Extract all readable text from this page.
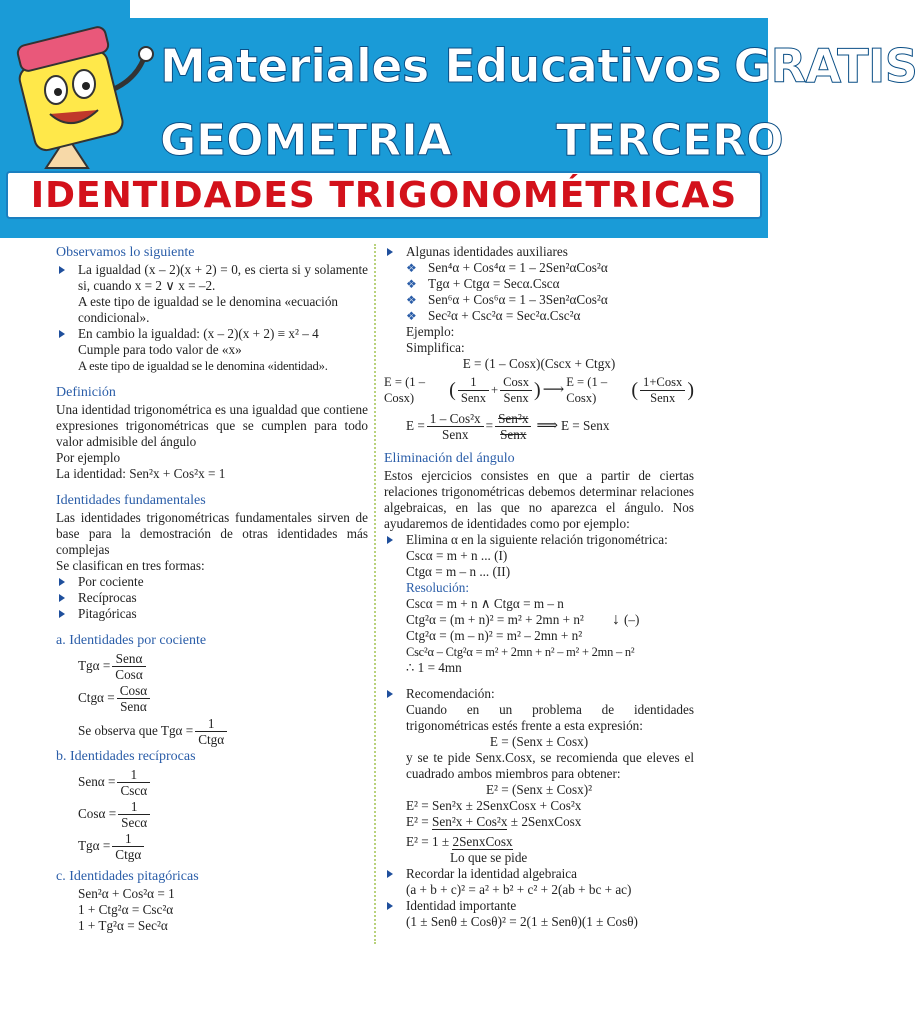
Materiales Educativos GRATIS
GEOMETRIA TERCERO
IDENTIDADES TRIGONOMÉTRICAS
Observamos lo siguiente
La igualdad (x – 2)(x + 2) = 0, es cierta si y solamente si, cuando x = 2 ∨ x = –2.
A este tipo de igualdad se le denomina «ecuación condicional».
En cambio la igualdad: (x – 2)(x + 2) ≡ x² – 4
Cumple para todo valor de «x»
A este tipo de igualdad se le denomina «identidad».
Definición
Una identidad trigonométrica es una igualdad que contiene expresiones trigonométricas que se cumplen para todo valor admisible del ángulo
Por ejemplo
La identidad: Sen²x + Cos²x = 1
Identidades fundamentales
Las identidades trigonométricas fundamentales sirven de base para la demostración de otras identidades más complejas
Se clasifican en tres formas:
Por cociente
Recíprocas
Pitagóricas
a. Identidades por cociente
$Tg\alpha = \frac{\text{Senα}}{\text{Cosα}}$
$Ctg\alpha = \frac{\text{Cosα}}{\text{Senα}}$
Se observa que $Tg\alpha = \frac{1}{\text{Ctgα}}$
b. Identidades recíprocas
$Sen\alpha = \frac{1}{\text{Cscα}}$
$Cos\alpha = \frac{1}{\text{Secα}}$
$Tg\alpha = \frac{1}{\text{Ctgα}}$
c. Identidades pitagóricas
Sen²α + Cos²α = 1
1 + Ctg²α = Csc²α
1 + Tg²α = Sec²α
Algunas identidades auxiliares
❖ Sen⁴α + Cos⁴α = 1 – 2Sen²αCos²α
❖ Tgα + Ctgα = Secα.Cscα
❖ Sen⁶α + Cos⁶α = 1 – 3Sen²αCos²α
❖ Sec²α + Csc²α = Sec²α.Csc²α
Ejemplo:
Simplifica:
E = (1 – Cosx)(Cscx + Ctgx)
E = (1 – Cosx)	( $\frac{1}{\text{Senx}} + \frac{\text{Cosx}}{\text{Senx}}$ ) ⟶ E = (1 – Cosx)	( $\frac{\text{1+Cosx}}{\text{Senx}}$ )
$E = \frac{\text{1 – Cos²x}}{\text{Senx}} = \frac{\text{Sen²x}}{\text{Senx}}$ ⟹ E = Senx
Eliminación del ángulo
Estos ejercicios consistes en que a partir de ciertas relaciones trigonométricas debemos determinar relaciones algebraicas, en las que no aparezca el ángulo. Nos ayudaremos de identidades como por ejemplo:
Elimina α en la siguiente relación trigonométrica:
Cscα = m + n ... (I)
Ctgα = m – n ... (II)
Resolución:
Cscα = m + n ∧ Ctgα = m – n
Ctg²α = (m + n)² = m² + 2mn + n²
Ctg²α = (m – n)² = m² – 2mn + n²
↓ (–)
Csc²α – Ctg²α = m² + 2mn + n² – m² + 2mn – n²
∴ 1 = 4mn
Recomendación:
Cuando en un problema de identidades trigonométricas estés frente a esta expresión:
E = (Senx ± Cosx)
y se te pide Senx.Cosx, se recomienda que eleves el cuadrado ambos miembros para obtener:
E² = (Senx ± Cosx)²
E² = Sen²x ± 2SenxCosx + Cos²x
E² = Sen²x + Cos²x ± 2SenxCosx
E² = 1 ± 2SenxCosx
Lo que se pide
Recordar la identidad algebraica
(a + b + c)² = a² + b² + c² + 2(ab + bc + ac)
Identidad importante
(1 ± Senθ ± Cosθ)² = 2(1 ± Senθ)(1 ± Cosθ)
